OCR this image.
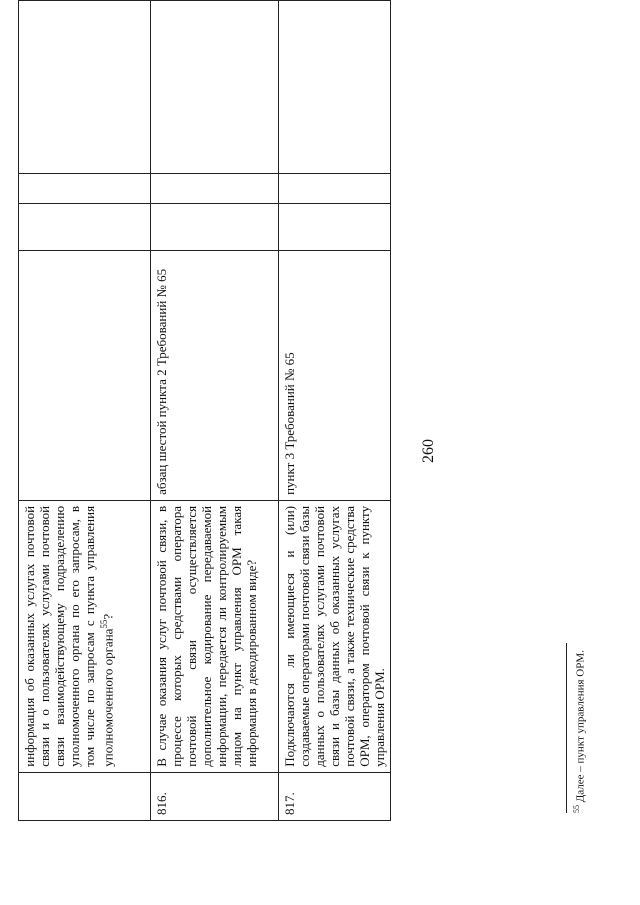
	информация об оказанных услугах почтовой связи и о пользователях услугами почтовой связи взаимодействующему подразделению уполномоченного органа по его запросам, в том числе по запросам с пункта управления уполномоченного органа$^{55}$?				
816.	В случае оказания услуг почтовой связи, в процессе которых средствами оператора почтовой связи осуществляется дополнительное кодирование передаваемой информации, передается ли контролируемым лицом на пункт управления ОРМ такая информация в декодированном виде?	абзац шестой пункта 2 Требований № 65			
817.	Подключаются ли имеющиеся и (или) создаваемые операторами почтовой связи базы данных о пользователях услугами почтовой связи и базы данных об оказанных услугах почтовой связи, а также технические средства ОРМ, оператором почтовой связи к пункту управления ОРМ.	пункт 3 Требований № 65			
$^{55}$ Далее – пункт управления ОРМ.
260
